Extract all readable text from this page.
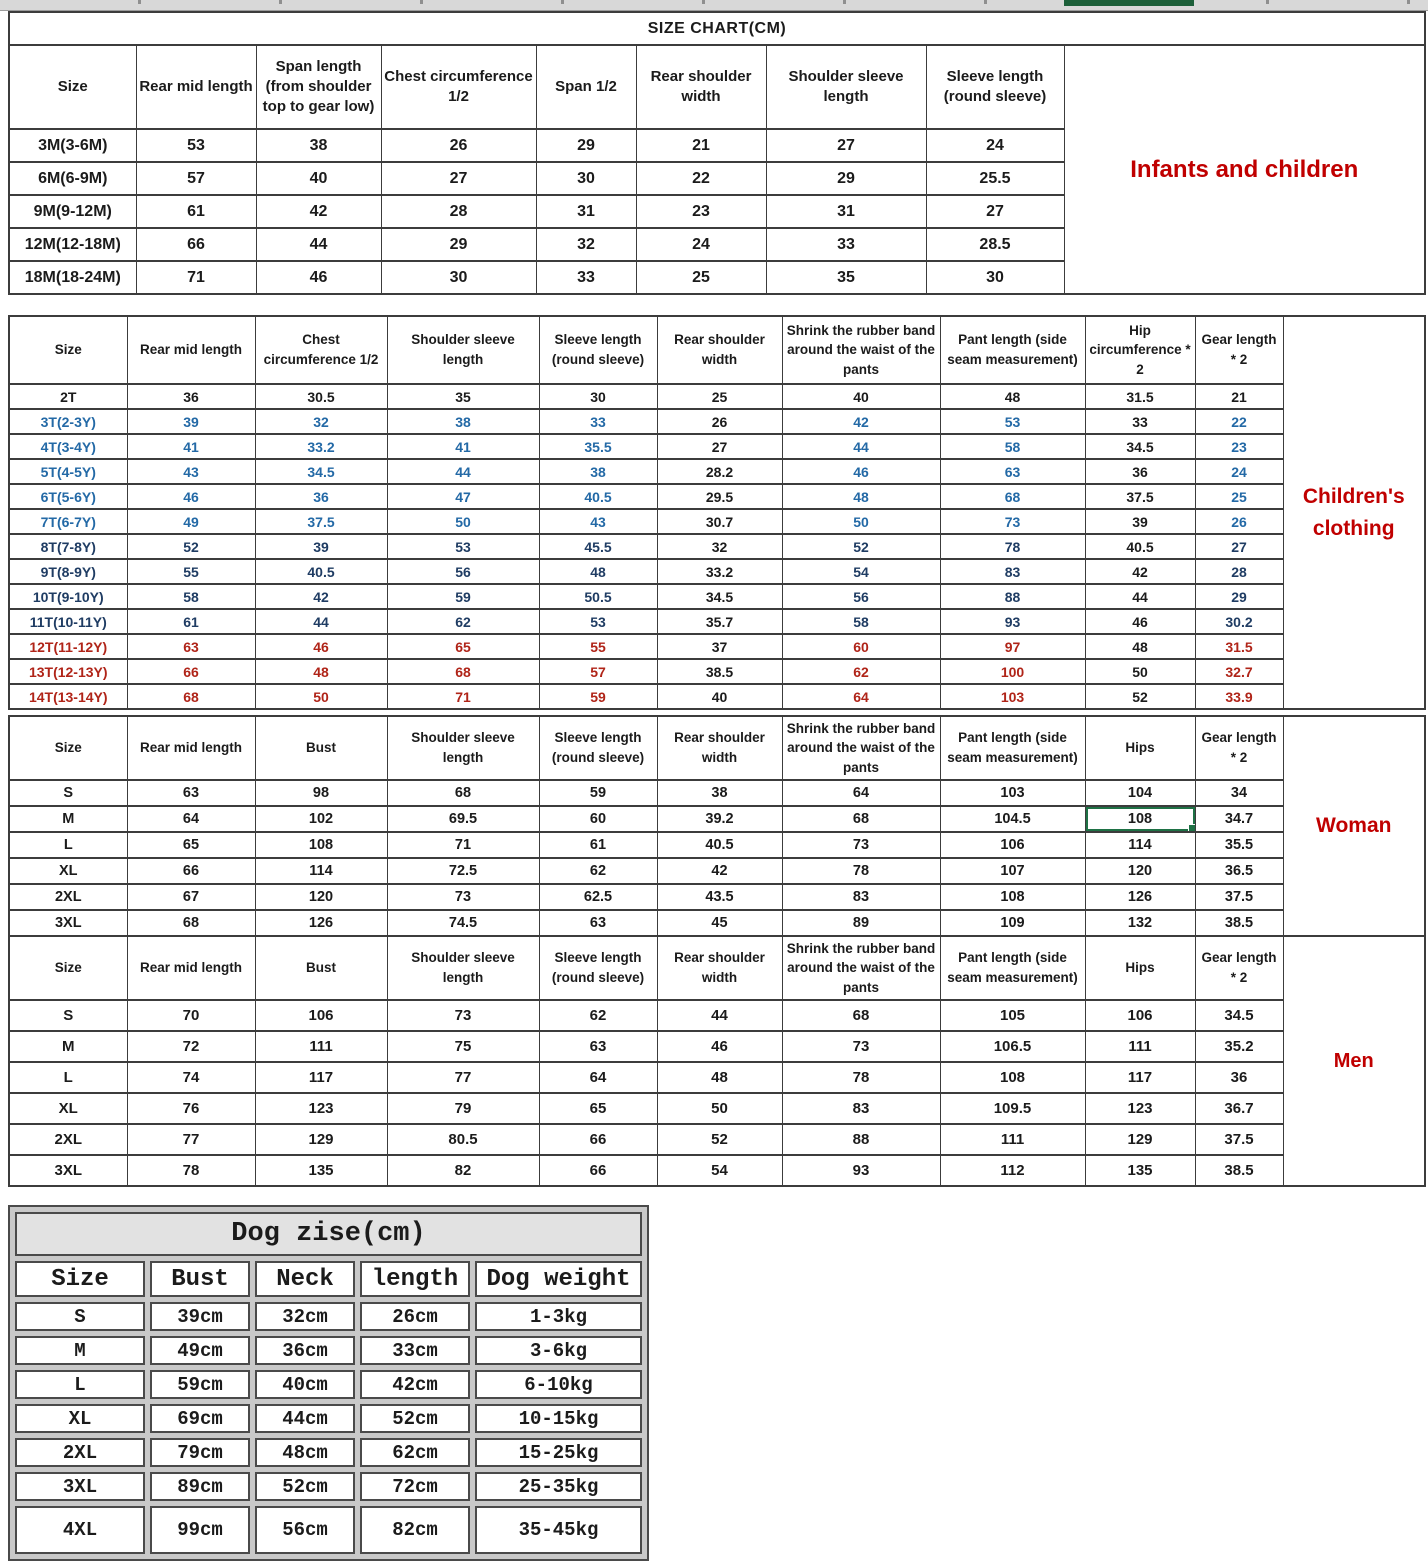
SIZE CHART(CM)								
Size	Rear mid length	Span length (from shoulder top to gear low)	Chest circumference 1/2	Span 1/2	Rear shoulder width	Shoulder sleeve length	Sleeve length (round sleeve)	Infants and children
3M(3-6M)	53	38	26	29	21	27	24	
6M(6-9M)	57	40	27	30	22	29	25.5	
9M(9-12M)	61	42	28	31	23	31	27	
12M(12-18M)	66	44	29	32	24	33	28.5	
18M(18-24M)	71	46	30	33	25	35	30	
Size	Rear mid length	Chest circumference 1/2	Shoulder sleeve length	Sleeve length (round sleeve)	Rear shoulder width	Shrink the rubber band around the waist of the pants	Pant length (side seam measurement)	Hip circumference * 2	Gear length * 2	Children's clothing
2T	36	30.5	35	30	25	40	48	31.5	21	
3T(2-3Y)	39	32	38	33	26	42	53	33	22	
4T(3-4Y)	41	33.2	41	35.5	27	44	58	34.5	23	
5T(4-5Y)	43	34.5	44	38	28.2	46	63	36	24	
6T(5-6Y)	46	36	47	40.5	29.5	48	68	37.5	25	
7T(6-7Y)	49	37.5	50	43	30.7	50	73	39	26	
8T(7-8Y)	52	39	53	45.5	32	52	78	40.5	27	
9T(8-9Y)	55	40.5	56	48	33.2	54	83	42	28	
10T(9-10Y)	58	42	59	50.5	34.5	56	88	44	29	
11T(10-11Y)	61	44	62	53	35.7	58	93	46	30.2	
12T(11-12Y)	63	46	65	55	37	60	97	48	31.5	
13T(12-13Y)	66	48	68	57	38.5	62	100	50	32.7	
14T(13-14Y)	68	50	71	59	40	64	103	52	33.9	
Size	Rear mid length	Bust	Shoulder sleeve length	Sleeve length (round sleeve)	Rear shoulder width	Shrink the rubber band around the waist of the pants	Pant length (side seam measurement)	Hips	Gear length * 2	Woman
S	63	98	68	59	38	64	103	104	34	
M	64	102	69.5	60	39.2	68	104.5	108	34.7	
L	65	108	71	61	40.5	73	106	114	35.5	
XL	66	114	72.5	62	42	78	107	120	36.5	
2XL	67	120	73	62.5	43.5	83	108	126	37.5	
3XL	68	126	74.5	63	45	89	109	132	38.5	
Size	Rear mid length	Bust	Shoulder sleeve length	Sleeve length (round sleeve)	Rear shoulder width	Shrink the rubber band around the waist of the pants	Pant length (side seam measurement)	Hips	Gear length * 2	Men
S	70	106	73	62	44	68	105	106	34.5	
M	72	111	75	63	46	73	106.5	111	35.2	
L	74	117	77	64	48	78	108	117	36	
XL	76	123	79	65	50	83	109.5	123	36.7	
2XL	77	129	80.5	66	52	88	111	129	37.5	
3XL	78	135	82	66	54	93	112	135	38.5	
Dog zise(cm)				
Size	Bust	Neck	length	Dog weight
S	39cm	32cm	26cm	1-3kg
M	49cm	36cm	33cm	3-6kg
L	59cm	40cm	42cm	6-10kg
XL	69cm	44cm	52cm	10-15kg
2XL	79cm	48cm	62cm	15-25kg
3XL	89cm	52cm	72cm	25-35kg
4XL	99cm	56cm	82cm	35-45kg
